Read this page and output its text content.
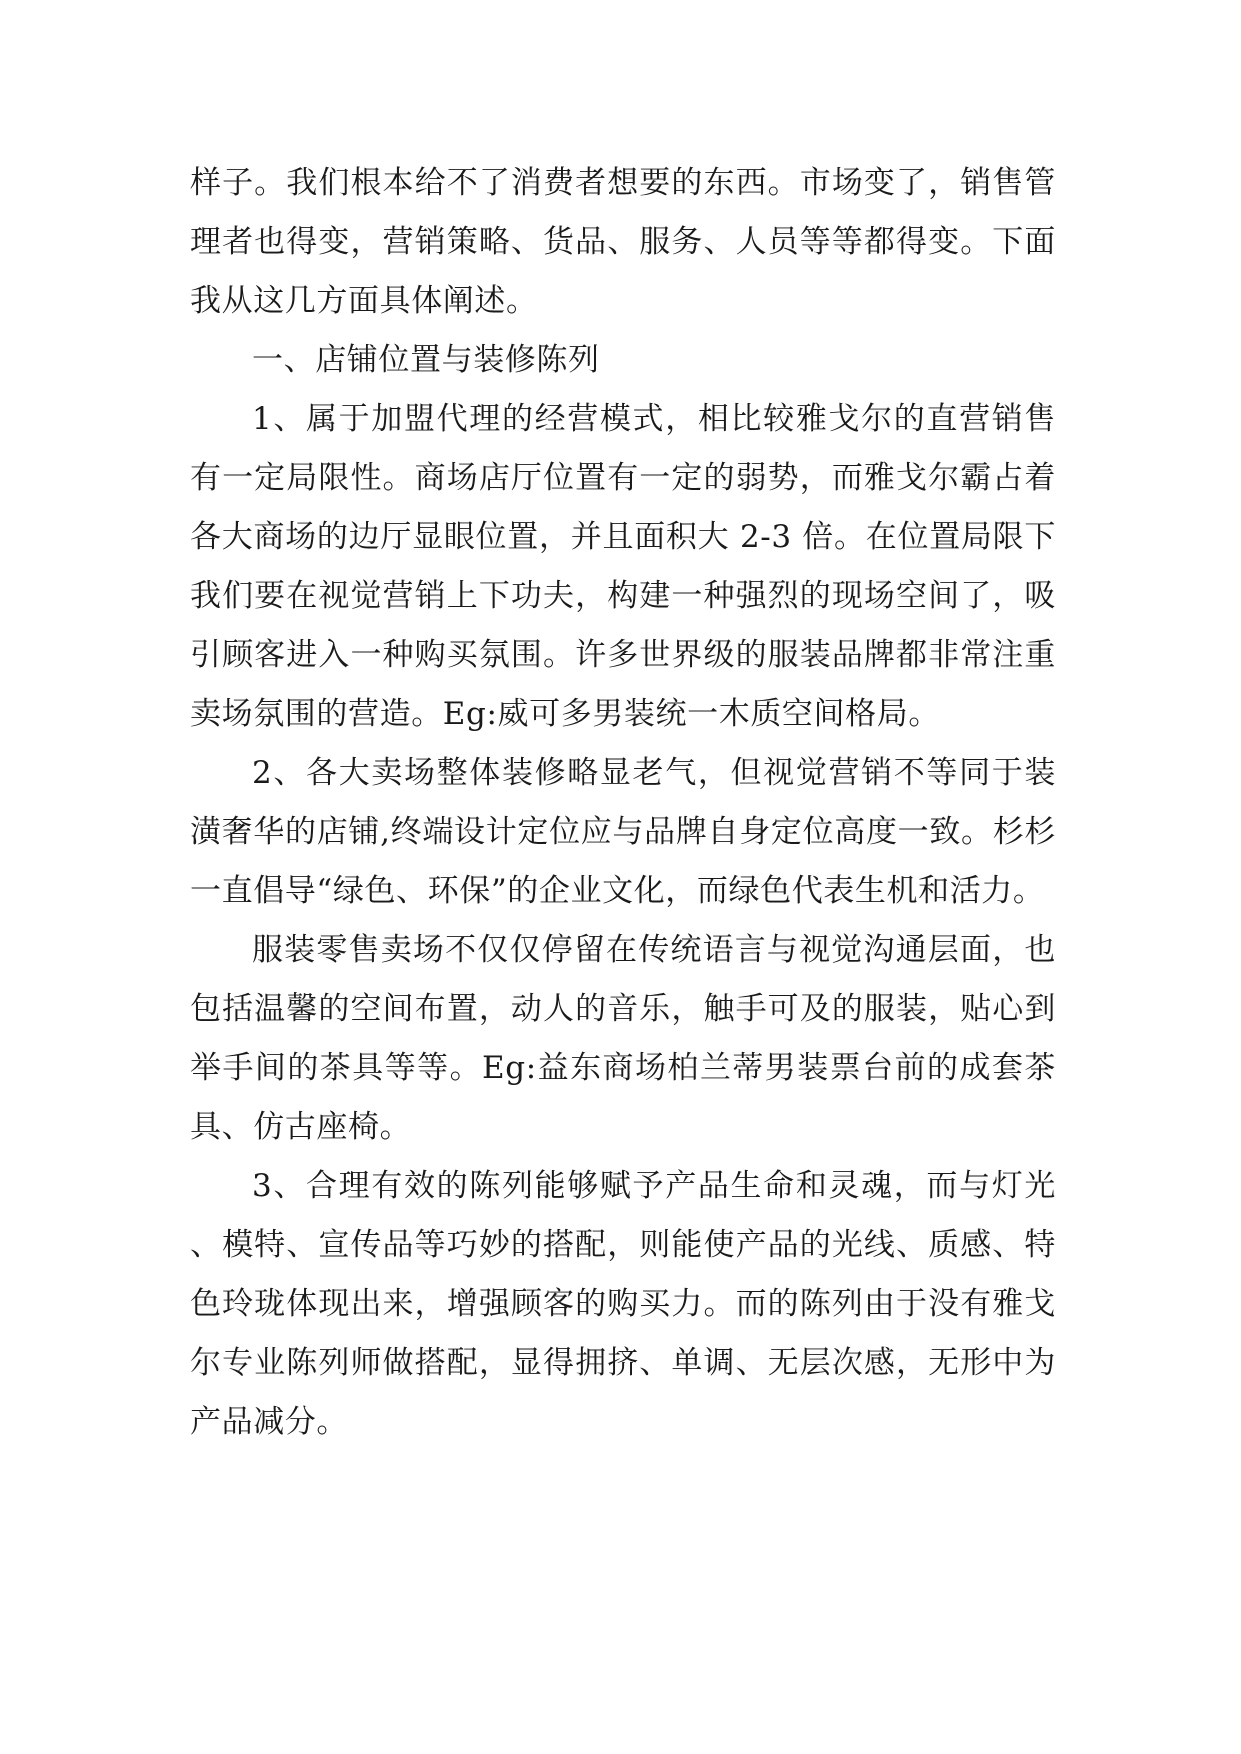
样子。我们根本给不了消费者想要的东西。市场变了，销售管理者也得变，营销策略、货品、服务、人员等等都得变。下面我从这几方面具体阐述。

一、店铺位置与装修陈列

1、属于加盟代理的经营模式，相比较雅戈尔的直营销售有一定局限性。商场店厅位置有一定的弱势，而雅戈尔霸占着各大商场的边厅显眼位置，并且面积大 2-3 倍。在位置局限下我们要在视觉营销上下功夫，构建一种强烈的现场空间了，吸引顾客进入一种购买氛围。许多世界级的服装品牌都非常注重卖场氛围的营造。Eg:威可多男装统一木质空间格局。

2、各大卖场整体装修略显老气，但视觉营销不等同于装潢奢华的店铺,终端设计定位应与品牌自身定位高度一致。杉杉一直倡导“绿色、环保”的企业文化，而绿色代表生机和活力。

服装零售卖场不仅仅停留在传统语言与视觉沟通层面，也包括温馨的空间布置，动人的音乐，触手可及的服装，贴心到举手间的茶具等等。Eg:益东商场柏兰蒂男装票台前的成套茶具、仿古座椅。

3、合理有效的陈列能够赋予产品生命和灵魂，而与灯光、模特、宣传品等巧妙的搭配，则能使产品的光线、质感、特色玲珑体现出来，增强顾客的购买力。而的陈列由于没有雅戈尔专业陈列师做搭配，显得拥挤、单调、无层次感，无形中为产品减分。
